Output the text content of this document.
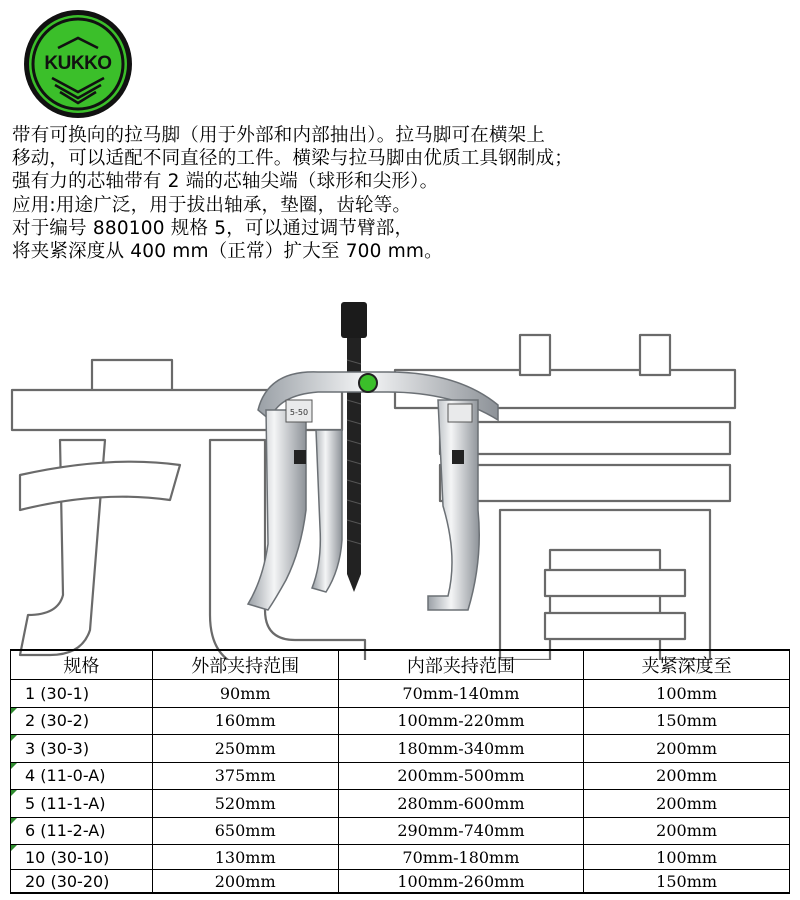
KUKKO
带有可换向的拉马脚（用于外部和内部抽出）。拉马脚可在横架上
移动，可以适配不同直径的工件。横梁与拉马脚由优质工具钢制成；
强有力的芯轴带有 2 端的芯轴尖端（球形和尖形）。
应用:用途广泛，用于拔出轴承，垫圈，齿轮等。
对于编号 880100 规格 5，可以通过调节臂部，
将夹紧深度从 400 mm（正常）扩大至 700 mm。
5-50
规格	外部夹持范围	内部夹持范围	夹紧深度至
1 (30-1)	90mm	70mm-140mm	100mm

2 (30-2)	160mm	100mm-220mm	150mm

3 (30-3)	250mm	180mm-340mm	200mm

4 (11-0-A)	375mm	200mm-500mm	200mm

5 (11-1-A)	520mm	280mm-600mm	200mm

6 (11-2-A)	650mm	290mm-740mm	200mm

10 (30-10)	130mm	70mm-180mm	100mm
20 (30-20)	200mm	100mm-260mm	150mm
